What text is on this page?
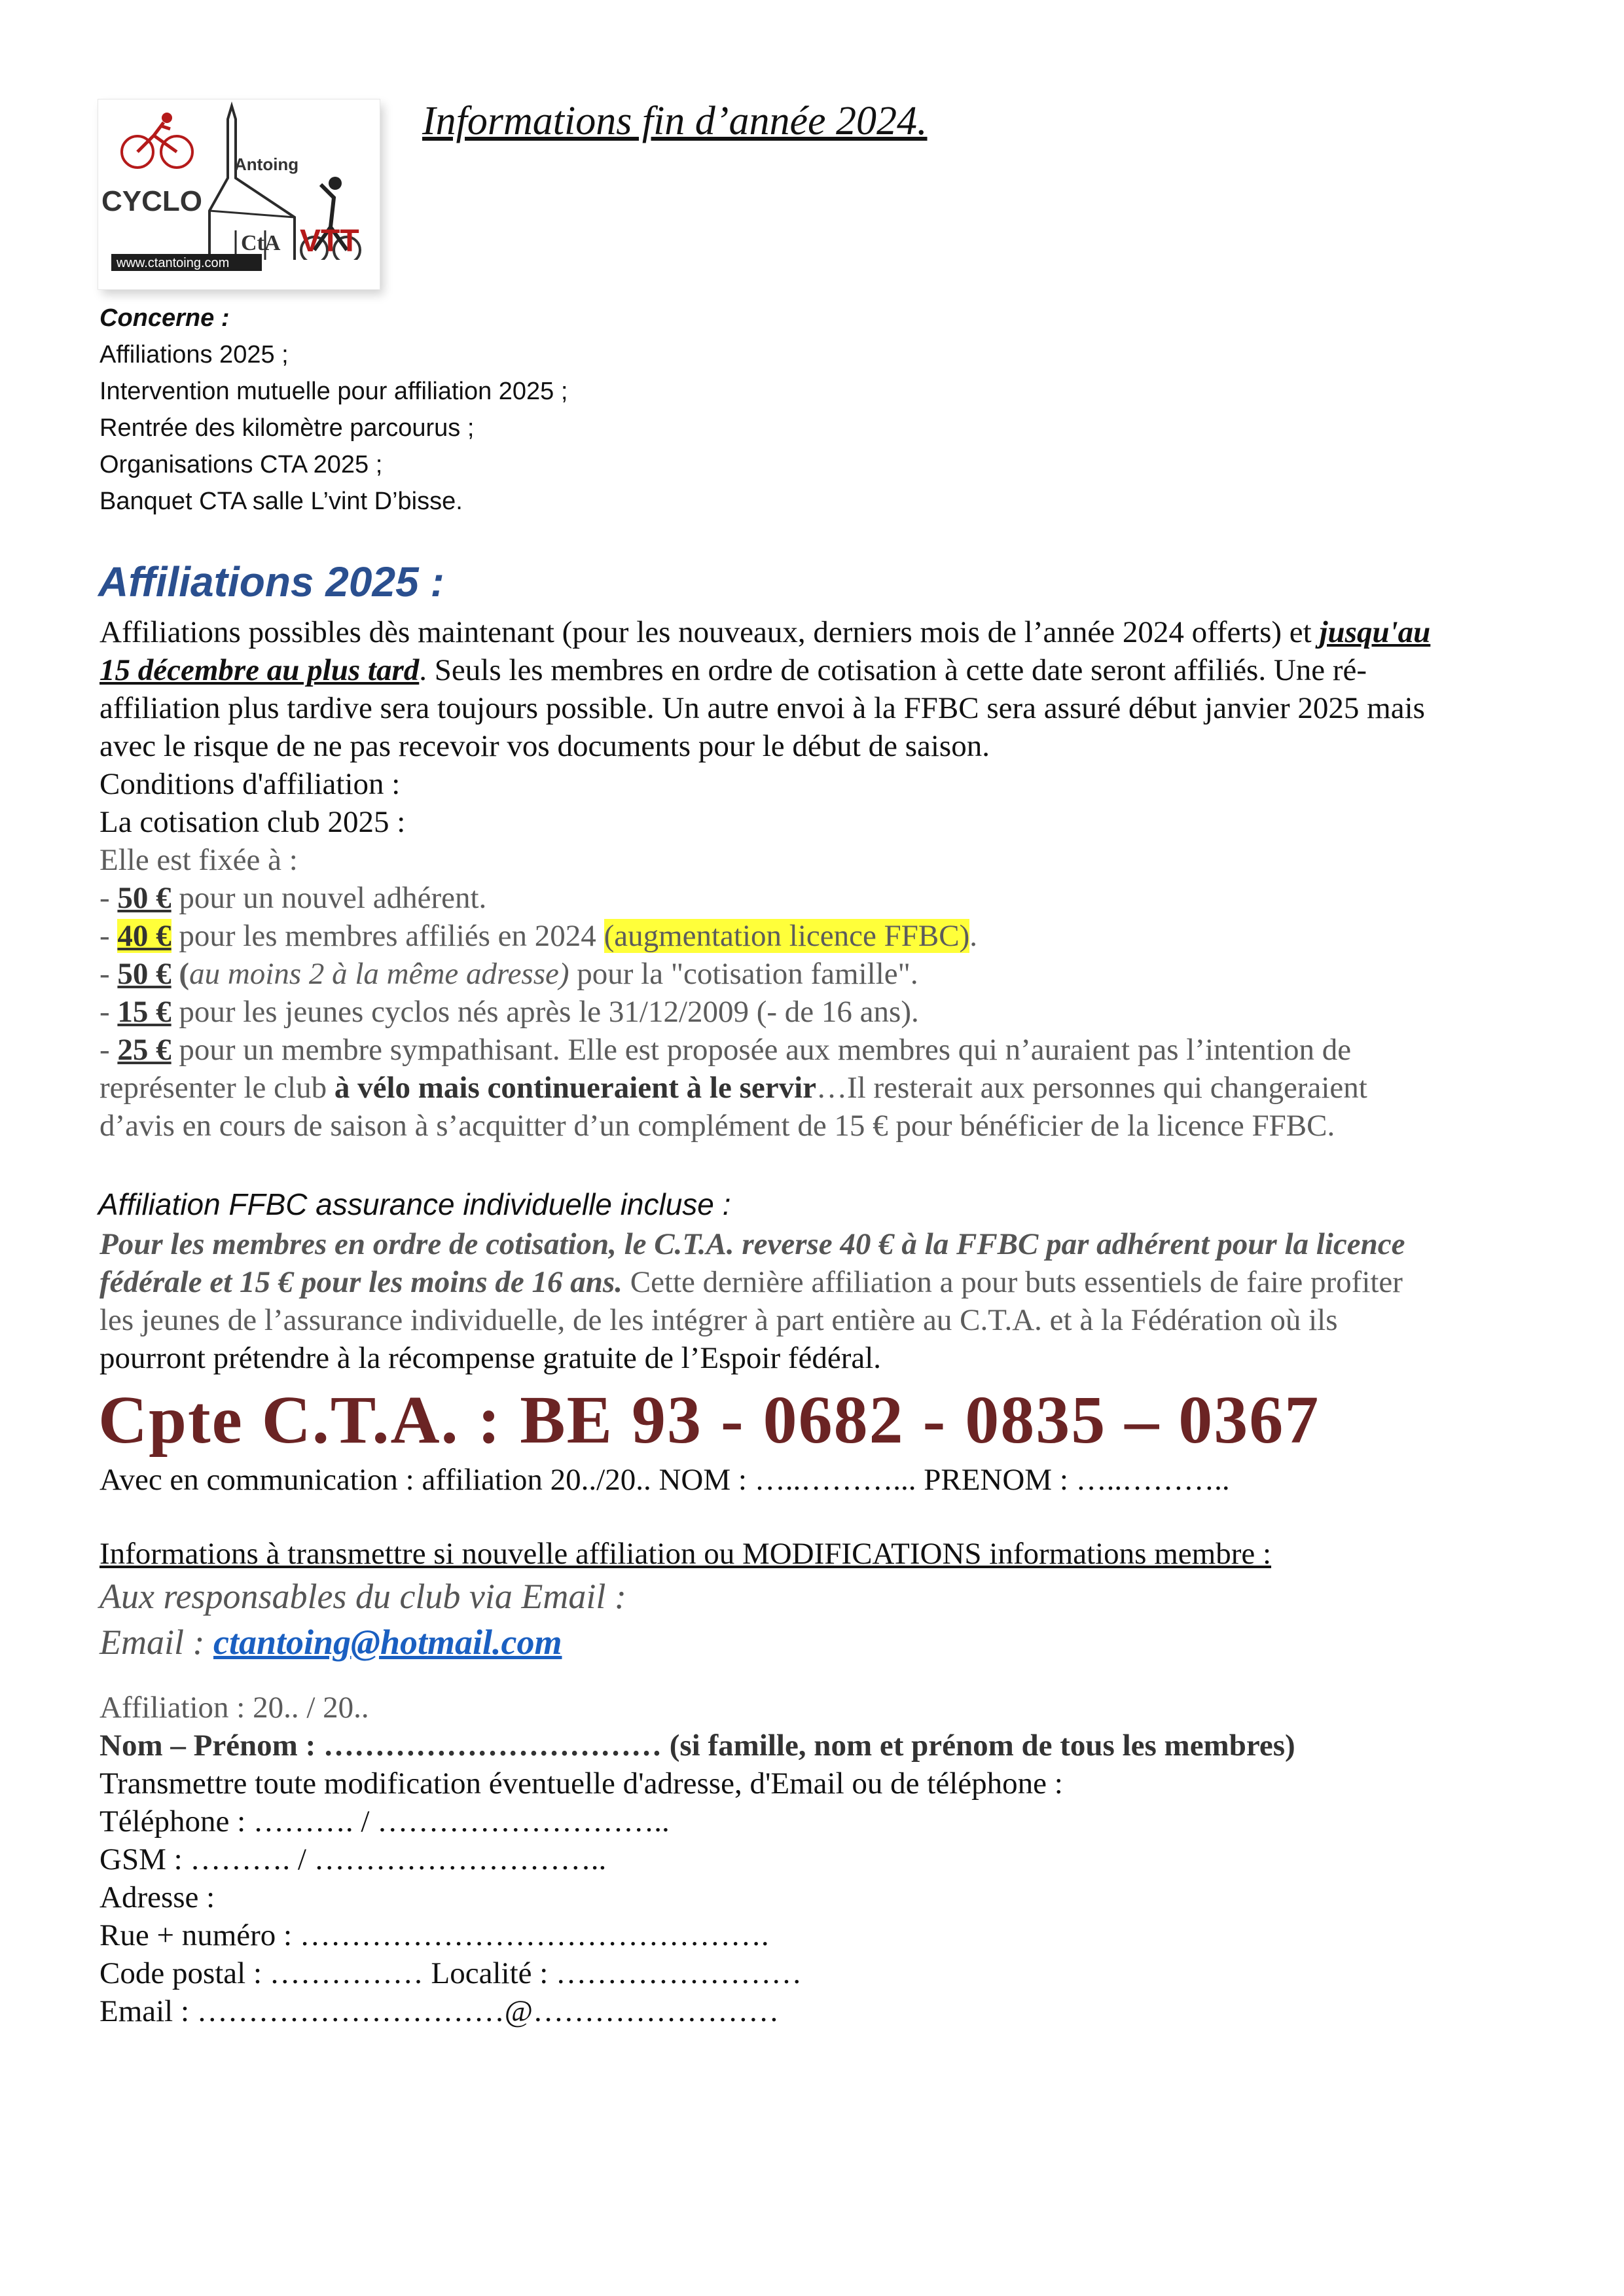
www.ctantoing.com
Antoing
CYCLO
VTT
CtA
Informations fin d’année 2024.
Concerne :
Affiliations 2025 ;
Intervention mutuelle pour affiliation 2025 ;
Rentrée des kilomètre parcourus ;
Organisations CTA 2025 ;
Banquet CTA salle L’vint D’bisse.
Affiliations 2025 :
Affiliations possibles dès maintenant (pour les nouveaux, derniers mois de l’année 2024 offerts) et jusqu'au
15 décembre au plus tard. Seuls les membres en ordre de cotisation à cette date seront affiliés. Une ré-
affiliation plus tardive sera toujours possible. Un autre envoi à la FFBC sera assuré début janvier 2025 mais
avec le risque de ne pas recevoir vos documents pour le début de saison.
Conditions d'affiliation :
La cotisation club 2025 :
Elle est fixée à :
- 50 € pour un nouvel adhérent.
- 40 € pour les membres affiliés en 2024 (augmentation licence FFBC).
- 50 € (au moins 2 à la même adresse) pour la "cotisation famille".
- 15 € pour les jeunes cyclos nés après le 31/12/2009 (- de 16 ans).
- 25 € pour un membre sympathisant. Elle est proposée aux membres qui n’auraient pas l’intention de
représenter le club à vélo mais continueraient à le servir…Il resterait aux personnes qui changeraient
d’avis en cours de saison à s’acquitter d’un complément de 15 € pour bénéficier de la licence FFBC.
Affiliation FFBC assurance individuelle incluse :
Pour les membres en ordre de cotisation, le C.T.A. reverse 40 € à la FFBC par adhérent pour la licence
fédérale et 15 € pour les moins de 16 ans. Cette dernière affiliation a pour buts essentiels de faire profiter
les jeunes de l’assurance individuelle, de les intégrer à part entière au C.T.A. et à la Fédération où ils
pourront prétendre à la récompense gratuite de l’Espoir fédéral.
Cpte C.T.A. : BE 93 - 0682 - 0835 – 0367
Avec en communication : affiliation 20../20.. NOM : …..………... PRENOM : …..………..
Informations à transmettre si nouvelle affiliation ou MODIFICATIONS informations membre :
Aux responsables du club via Email :
Email : ctantoing@hotmail.com
Affiliation : 20.. / 20..
Nom – Prénom : …………………………… (si famille, nom et prénom de tous les membres)
Transmettre toute modification éventuelle d'adresse, d'Email ou de téléphone :
Téléphone : ………. / ………………………..
GSM : ………. / ………………………..
Adresse :
Rue + numéro : ……………………………………….
Code postal : …………… Localité : ……………………
Email : …………………………@……………………
